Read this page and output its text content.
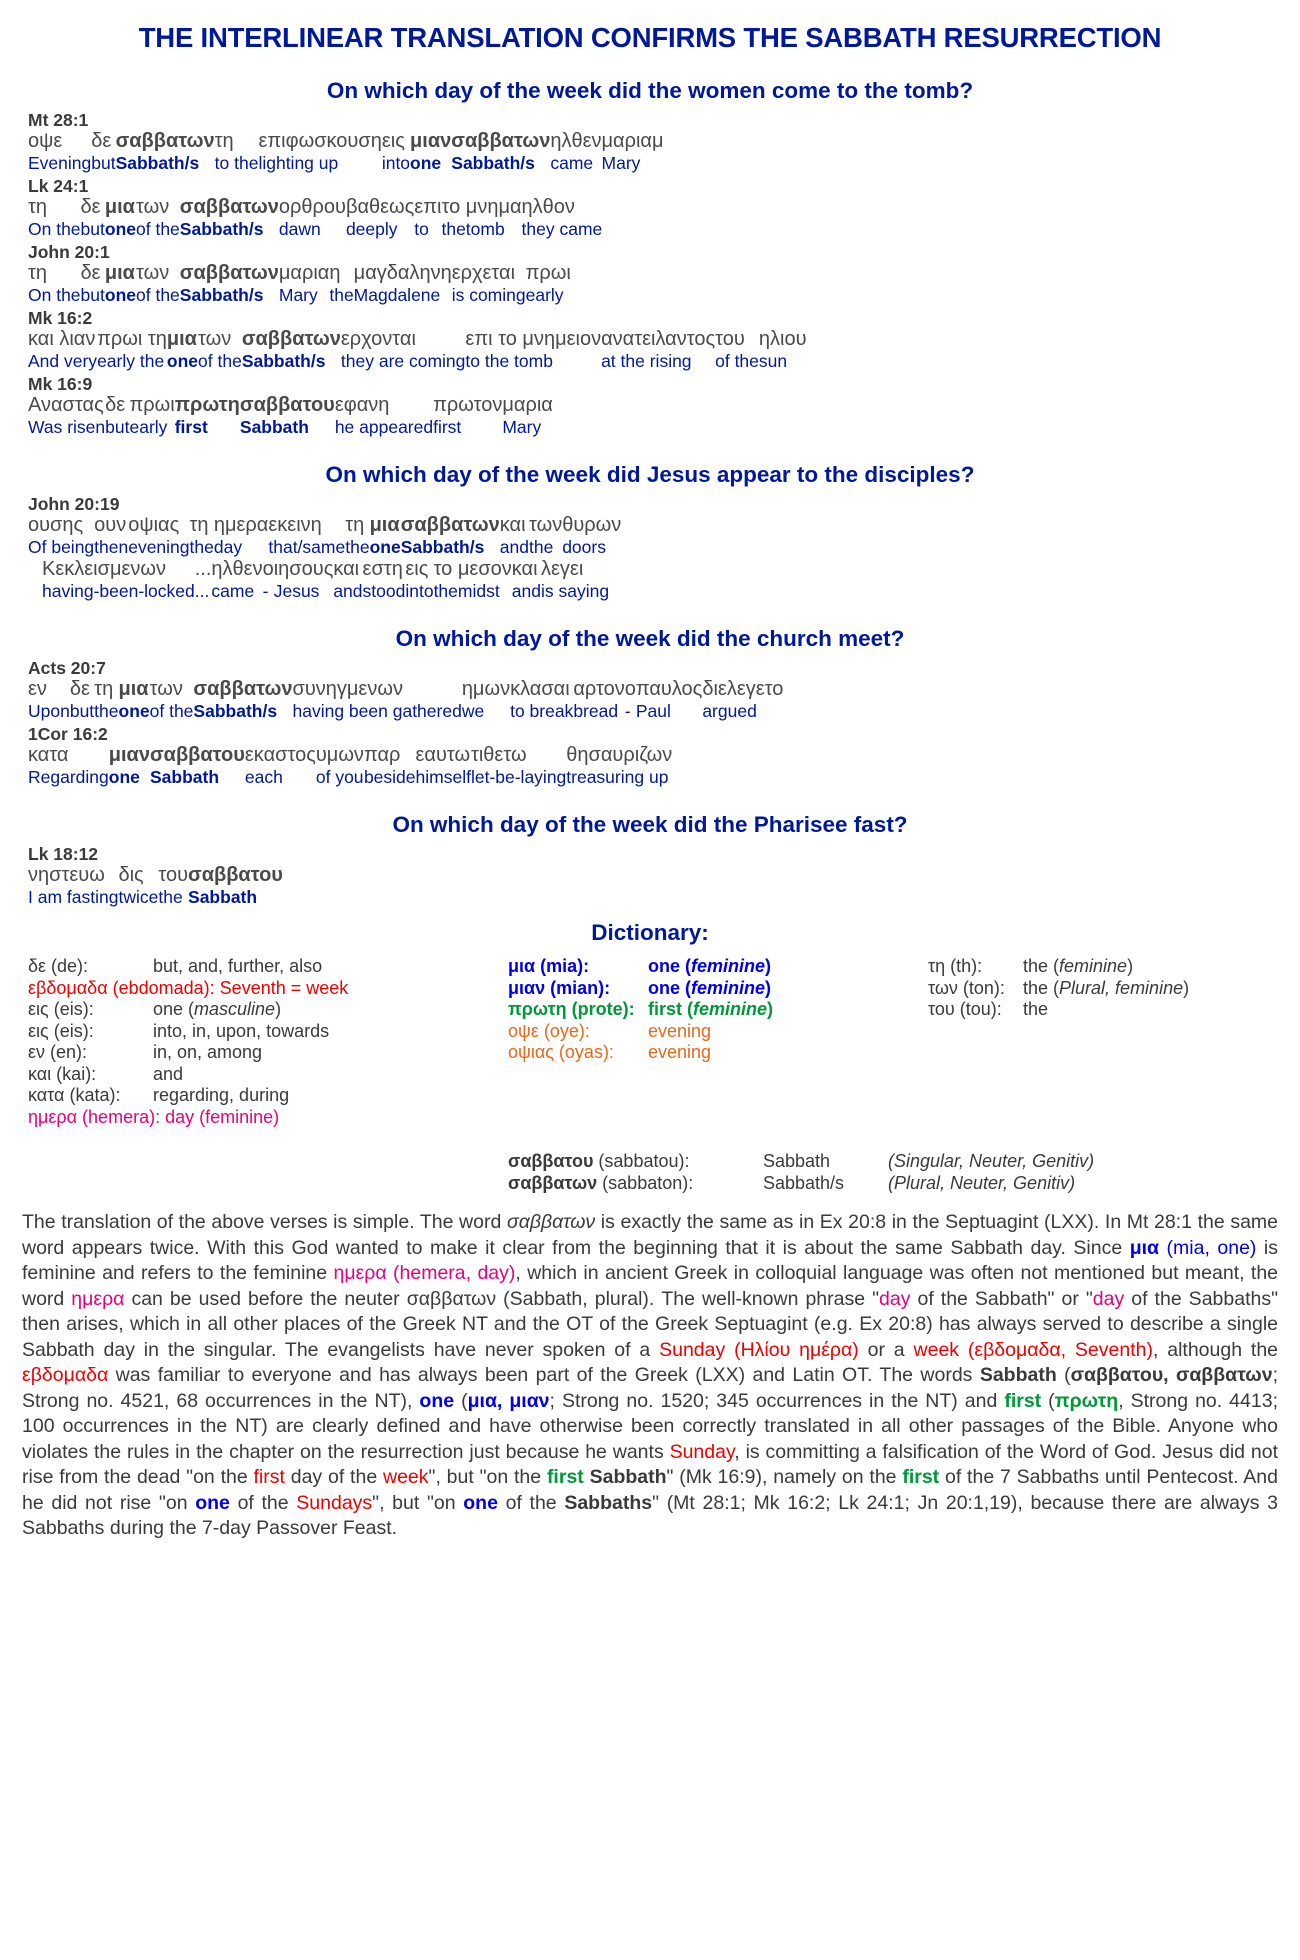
THE INTERLINEAR TRANSLATION CONFIRMS THE SABBATH RESURRECTION
On which day of the week did the women come to the tomb?
Mt 28:1
οψε	δε	σαββατων	τη	επιφωσκουση	εις	μιαν	σαββατων	ηλθεν	μαριαμ
Evening	but	Sabbath/s	to the	lighting up	into	one	Sabbath/s	came	Mary
Lk 24:1
τη	δε	μια	των	σαββατων	ορθρου	βαθεως	επι	το	μνημα	ηλθον
On the	but	one	of the	Sabbath/s	dawn	deeply	to	the	tomb	they came
John 20:1
τη	δε	μια	των	σαββατων	μαρια	η	μαγδαληνη	ερχεται	πρωι
On the	but	one	of the	Sabbath/s	Mary	the	Magdalene	is coming	early
Mk 16:2
και λιαν	πρωι τη	μια	των	σαββατων	ερχονται	επι το μνημειον	ανατειλαντος	του	ηλιου
And very	early the	one	of the	Sabbath/s	they are coming	to the tomb	at the rising	of the	sun
Mk 16:9
Αναστας	δε	πρωι	πρωτη	σαββατου	εφανη	πρωτον	μαρια
Was risen	but	early	first	Sabbath	he appeared	first	Mary
On which day of the week did Jesus appear to the disciples?
John 20:19
ουσης	ουν	οψιας	τη	ημερα	εκεινη	τη	μια	σαββατων	και	των	θυρων
Of being	then	evening	the	day	that/same	the	one	Sabbath/s	and	the	doors
Κεκλεισμενων	...	ηλθεν	ο	ιησους	και	εστη	εις	το	μεσον	και	λεγει
having-been-locked	...	came	-	Jesus	and	stood	into	the	midst	and	is saying
On which day of the week did the church meet?
Acts 20:7
εν	δε	τη	μια	των	σαββατων	συνηγμενων	ημων	κλασαι	αρτον	ο	παυλος	διελεγετο
Upon	but	the	one	of the	Sabbath/s	having been gathered	we	to break	bread	-	Paul	argued
1Cor 16:2
κατα	μιαν	σαββατου	εκαστος	υμων	παρ	εαυτω	τιθετω	θησαυριζων
Regarding	one	Sabbath	each	of you	beside	himself	let-be-laying	treasuring up
On which day of the week did the Pharisee fast?
Lk 18:12
νηστευω	δις	του	σαββατου
I am fasting	twice	the	Sabbath
Dictionary:
δε (de):	but, and, further, also
εβδομαδα (ebdomada): Seventh = week
εις (eis):	one (masculine)
εις (eis):	into, in, upon, towards
εν (en):	in, on, among
και (kai):	and
κατα (kata):	regarding, during
ημερα (hemera): day (feminine)
μια (mia):	one (feminine)
μιαν (mian):	one (feminine)
πρωτη (prote): first (feminine)
οψε (oye):	evening
οψιας (oyas):	evening
τη (th):	the (feminine)
των (ton):	the (Plural, feminine)
του (tou):	the
σαββατου (sabbatou):	Sabbath	(Singular, Neuter, Genitiv)
σαββατων (sabbaton):	Sabbath/s	(Plural, Neuter, Genitiv)
The translation of the above verses is simple. The word σαββατων is exactly the same as in Ex 20:8 in the Septuagint (LXX). In Mt 28:1 the same word appears twice. With this God wanted to make it clear from the beginning that it is about the same Sabbath day. Since μια (mia, one) is feminine and refers to the feminine ημερα (hemera, day), which in ancient Greek in colloquial language was often not mentioned but meant, the word ημερα can be used before the neuter σαββατων (Sabbath, plural). The well-known phrase "day of the Sabbath" or "day of the Sabbaths" then arises, which in all other places of the Greek NT and the OT of the Greek Septuagint (e.g. Ex 20:8) has always served to describe a single Sabbath day in the singular. The evangelists have never spoken of a Sunday (Ηλίου ημέρα) or a week (εβδομαδα, Seventh), although the εβδομαδα was familiar to everyone and has always been part of the Greek (LXX) and Latin OT. The words Sabbath (σαββατου, σαββατων; Strong no. 4521, 68 occurrences in the NT), one (μια, μιαν; Strong no. 1520; 345 occurrences in the NT) and first (πρωτη, Strong no. 4413; 100 occurrences in the NT) are clearly defined and have otherwise been correctly translated in all other passages of the Bible. Anyone who violates the rules in the chapter on the resurrection just because he wants Sunday, is committing a falsification of the Word of God. Jesus did not rise from the dead "on the first day of the week", but "on the first Sabbath" (Mk 16:9), namely on the first of the 7 Sabbaths until Pentecost. And he did not rise "on one of the Sundays", but "on one of the Sabbaths" (Mt 28:1; Mk 16:2; Lk 24:1; Jn 20:1,19), because there are always 3 Sabbaths during the 7-day Passover Feast.
